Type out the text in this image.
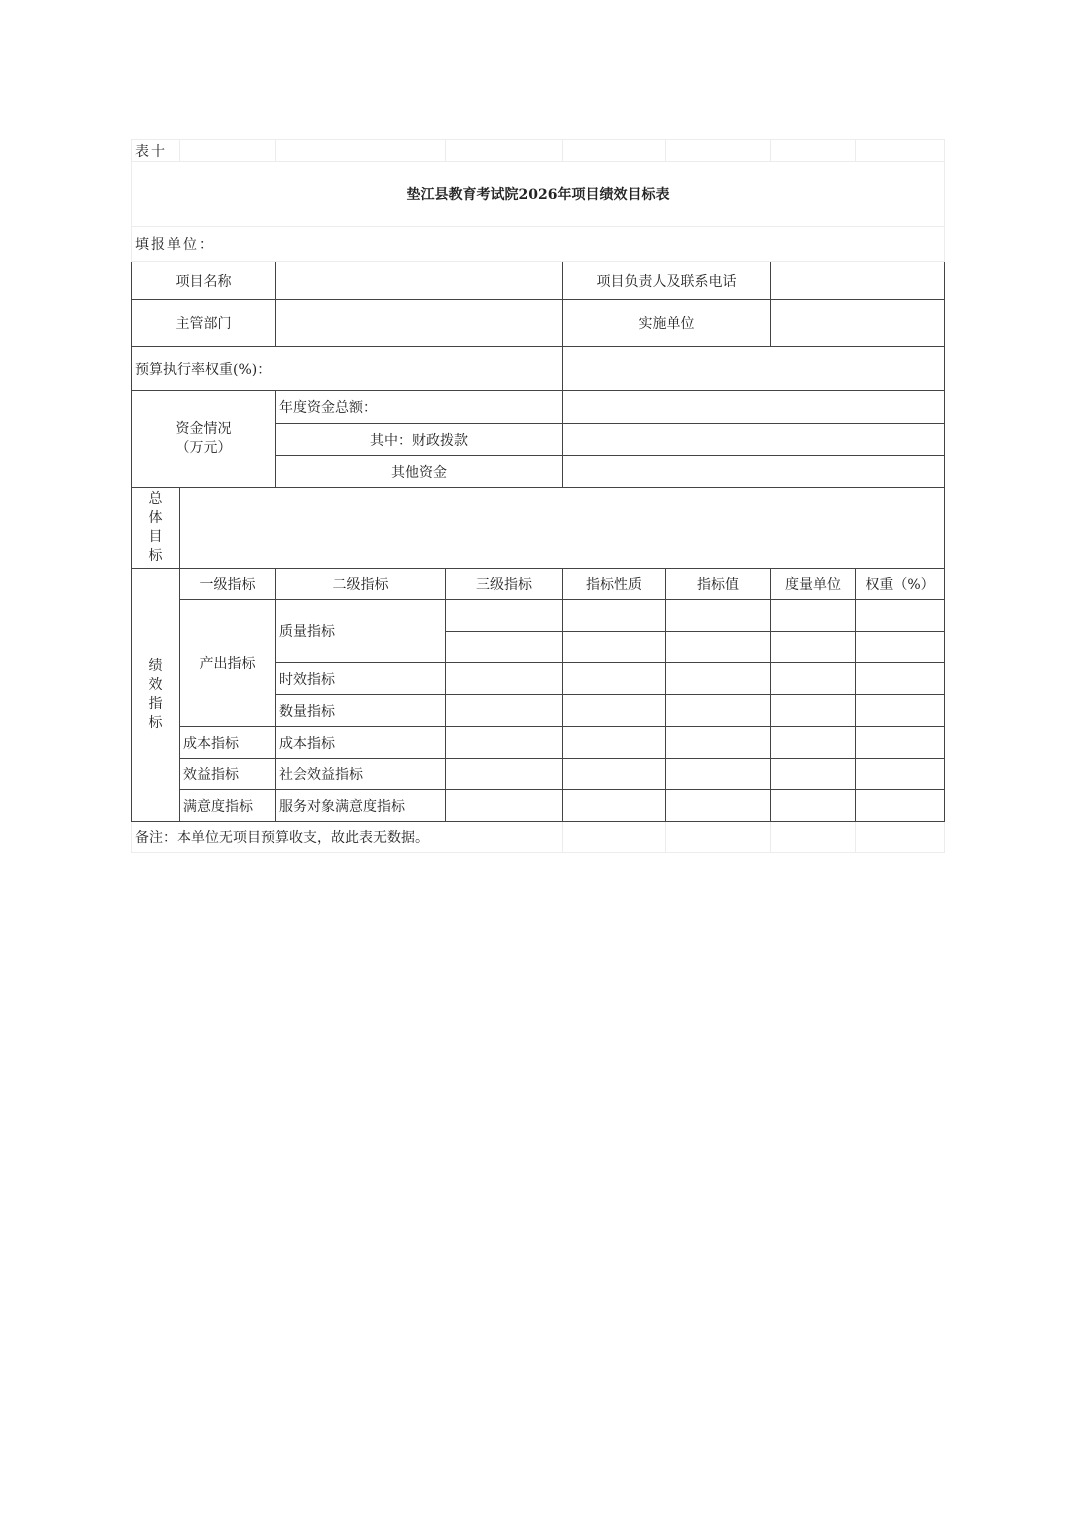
表十							
垫江县教育考试院2026年项目绩效目标表							
填报单位：							
项目名称				项目负责人及联系电话			
主管部门				实施单位			
预算执行率权重(%)：							

资金情况
（万元）		年度资金总额：					
		其中：财政拨款					
		其他资金					

总
体
目
标							

绩
效
指
标	一级指标	二级指标	三级指标	指标性质	指标值	度量单位	权重（%）
	产出指标	质量指标					

		时效指标					
		数量指标					
	成本指标	成本指标					
	效益指标	社会效益指标					
	满意度指标	服务对象满意度指标					
备注：本单位无项目预算收支，故此表无数据。							
